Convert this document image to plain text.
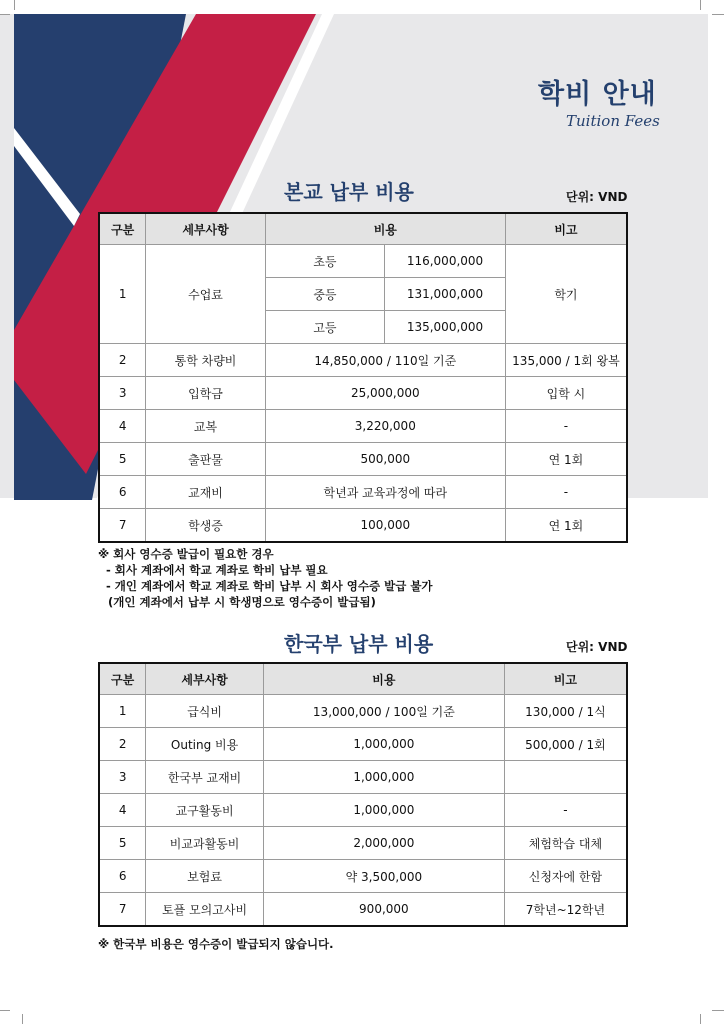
학비 안내
Tuition Fees
본교 납부 비용	단위: VND
구분	세부사항	비용		비고
1	수업료	초등	116,000,000	학기
		중등	131,000,000	
		고등	135,000,000	
2	통학 차량비	14,850,000 / 110일 기준		135,000 / 1회 왕복
3	입학금	25,000,000		입학 시
4	교복	3,220,000		-
5	출판물	500,000		연 1회
6	교재비	학년과 교육과정에 따라		-
7	학생증	100,000		연 1회
※ 회사 영수증 발급이 필요한 경우
- 회사 계좌에서 학교 계좌로 학비 납부 필요
- 개인 계좌에서 학교 계좌로 학비 납부 시 회사 영수증 발급 불가
(개인 계좌에서 납부 시 학생명으로 영수증이 발급됨)
한국부 납부 비용	단위: VND
구분	세부사항	비용	비고
1	급식비	13,000,000 / 100일 기준	130,000 / 1식
2	Outing 비용	1,000,000	500,000 / 1회
3	한국부 교재비	1,000,000	
4	교구활동비	1,000,000	-
5	비교과활동비	2,000,000	체험학습 대체
6	보험료	약 3,500,000	신청자에 한함
7	토플 모의고사비	900,000	7학년~12학년
※ 한국부 비용은 영수증이 발급되지 않습니다.
